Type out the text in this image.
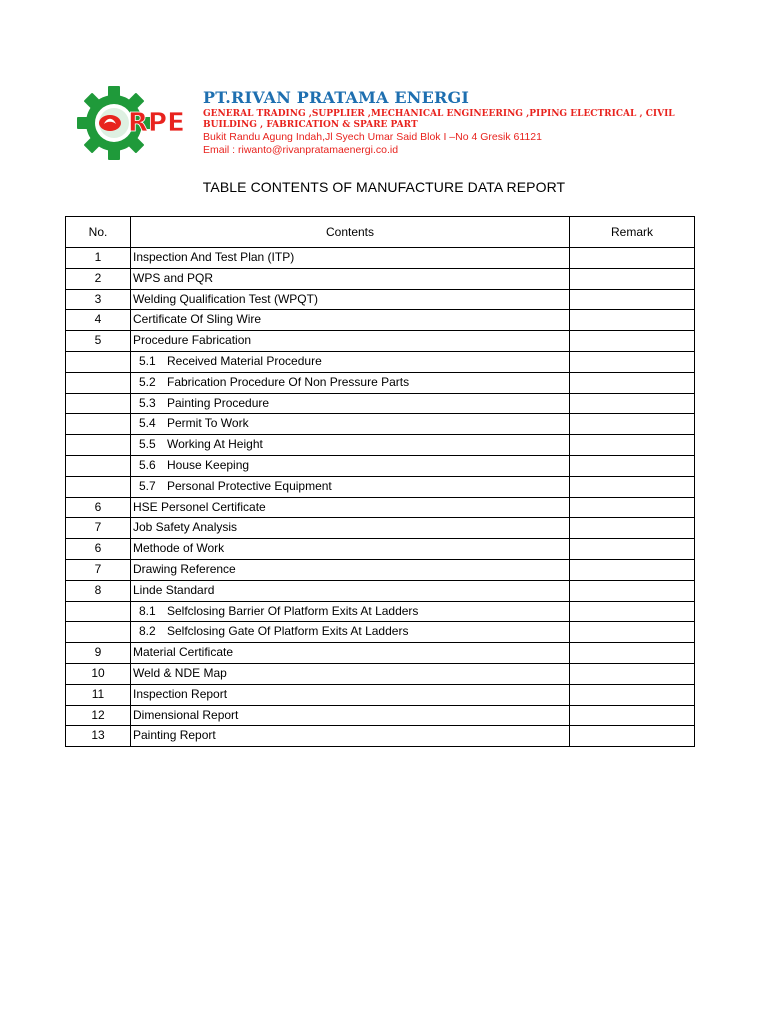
RPE
PT.RIVAN PRATAMA ENERGI
GENERAL TRADING ,SUPPLIER ,MECHANICAL ENGINEERING ,PIPING ELECTRICAL , CIVIL BUILDING , FABRICATION & SPARE PART
Bukit Randu Agung Indah,Jl Syech Umar Said Blok I –No 4 Gresik 61121
Email : riwanto@rivanpratamaenergi.co.id
TABLE CONTENTS OF MANUFACTURE DATA REPORT
No.	Contents	Remark
1	Inspection And Test Plan (ITP)	
2	WPS and PQR	
3	Welding Qualification Test (WPQT)	
4	Certificate Of Sling Wire	
5	Procedure Fabrication	
	5.1 Received Material Procedure	
	5.2 Fabrication Procedure Of Non Pressure Parts	
	5.3 Painting Procedure	
	5.4 Permit To Work	
	5.5 Working At Height	
	5.6 House Keeping	
	5.7 Personal Protective Equipment	
6	HSE Personel Certificate	
7	Job Safety Analysis	
6	Methode of Work	
7	Drawing Reference	
8	Linde Standard	
	8.1 Selfclosing Barrier Of Platform Exits At Ladders	
	8.2 Selfclosing Gate Of Platform Exits At Ladders	
9	Material Certificate	
10	Weld & NDE Map	
11	Inspection Report	
12	Dimensional Report	
13	Painting Report	
